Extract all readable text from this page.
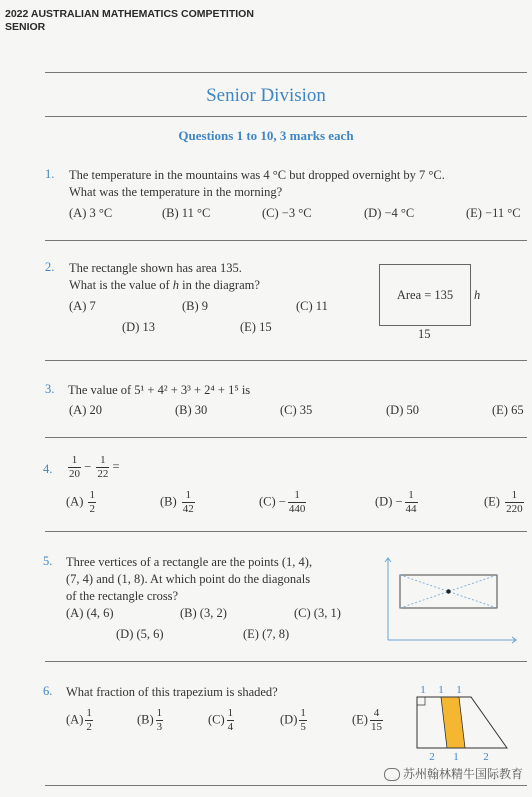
2022 AUSTRALIAN MATHEMATICS COMPETITION
SENIOR
Senior Division
Questions 1 to 10, 3 marks each
1. The temperature in the mountains was 4 °C but dropped overnight by 7 °C.
What was the temperature in the morning?
(A) 3 °C	(B) 11 °C	(C) −3 °C	(D) −4 °C	(E) −11 °C
2. The rectangle shown has area 135.
What is the value of h in the diagram?
(A) 7	(B) 9	(C) 11
(D) 13	(E) 15
Area = 135	h
15
3. The value of 5¹ + 4² + 3³ + 2⁴ + 1⁵ is
(A) 20	(B) 30	(C) 35	(D) 50	(E) 65
4. $\frac{1}{20} - \frac{1}{22}$ =
$(A) \frac{1}{2}$	$(B) \frac{1}{42}$	$(C) - \frac{1}{440}$	$(D) - \frac{1}{44}$	$(E) \frac{1}{220}$
5. Three vertices of a rectangle are the points (1, 4),
(7, 4) and (1, 8). At which point do the diagonals
of the rectangle cross?
(A) (4, 6)	(B) (3, 2)	(C) (3, 1)
(D) (5, 6)	(E) (7, 8)
6. What fraction of this trapezium is shaded?
$(A) \frac{1}{2}$	$(B) \frac{1}{3}$	$(C) \frac{1}{4}$	$(D) \frac{1}{5}$	$(E) \frac{4}{15}$
1 1 1
2 1 2
苏州翰林精牛国际教育
